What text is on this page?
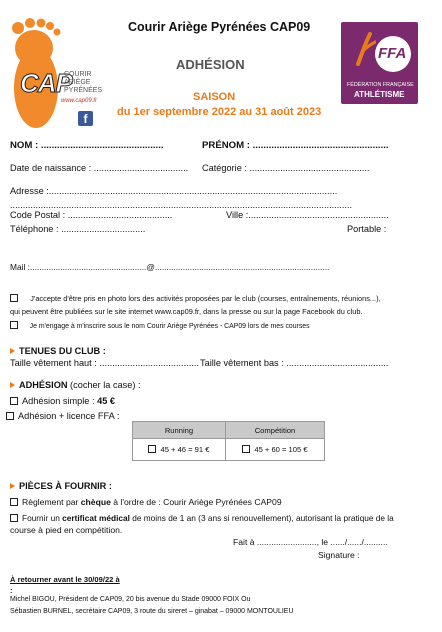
CAP
COURIR
ARIÈGE
PYRÉNÉES
www.cap09.fr
f
Courir Ariège Pyrénées CAP09
ADHÉSION
SAISON
du 1er septembre 2022 au 31 août 2023
FFA
FÉDÉRATION FRANÇAISE
ATHLÉTISME
NOM : ..............................................	PRÉNOM : ...................................................
Date de naissance : ..................................... Catégorie : ...............................................
Adresse :.................................................................................................................
......................................................................................................................................
Code Postal : .........................................	Ville :.......................................................
Téléphone : .................................	Portable :
Mail :..................................................@...........................................................................
J'accepte d'être pris en photo lors des activités proposées par le club (courses, entraînements, réunions...),
qui peuvent être publiées sur le site internet www.cap09.fr, dans la presse ou sur la page Facebook du club.
Je m'engage à m'inscrire sous le nom Courir Ariège Pyrénées - CAP09 lors de mes courses
TENUES DU CLUB :
Taille vêtement haut : ....................................... Taille vêtement bas : ........................................
ADHÉSION (cocher la case) :
Adhésion simple : 45 €
Adhésion + licence FFA :
Running	Compétition
45 + 46 = 91 €	45 + 60 = 105 €
PIÈCES À FOURNIR :
Règlement par chèque à l'ordre de : Courir Ariège Pyrénées CAP09
Fournir un certificat médical de moins de 1 an (3 ans si renouvellement), autorisant la pratique de la
course à pied en compétition.
Fait à ........................., le ....../....../..........
Signature :
À retourner avant le 30/09/22 à
:
Michel BIGOU, Président de CAP09, 20 bis avenue du Stade 09000 FOIX Ou
Sébastien BURNEL, secrétaire CAP09, 3 route du sireret – ginabat – 09000 MONTOULIEU
